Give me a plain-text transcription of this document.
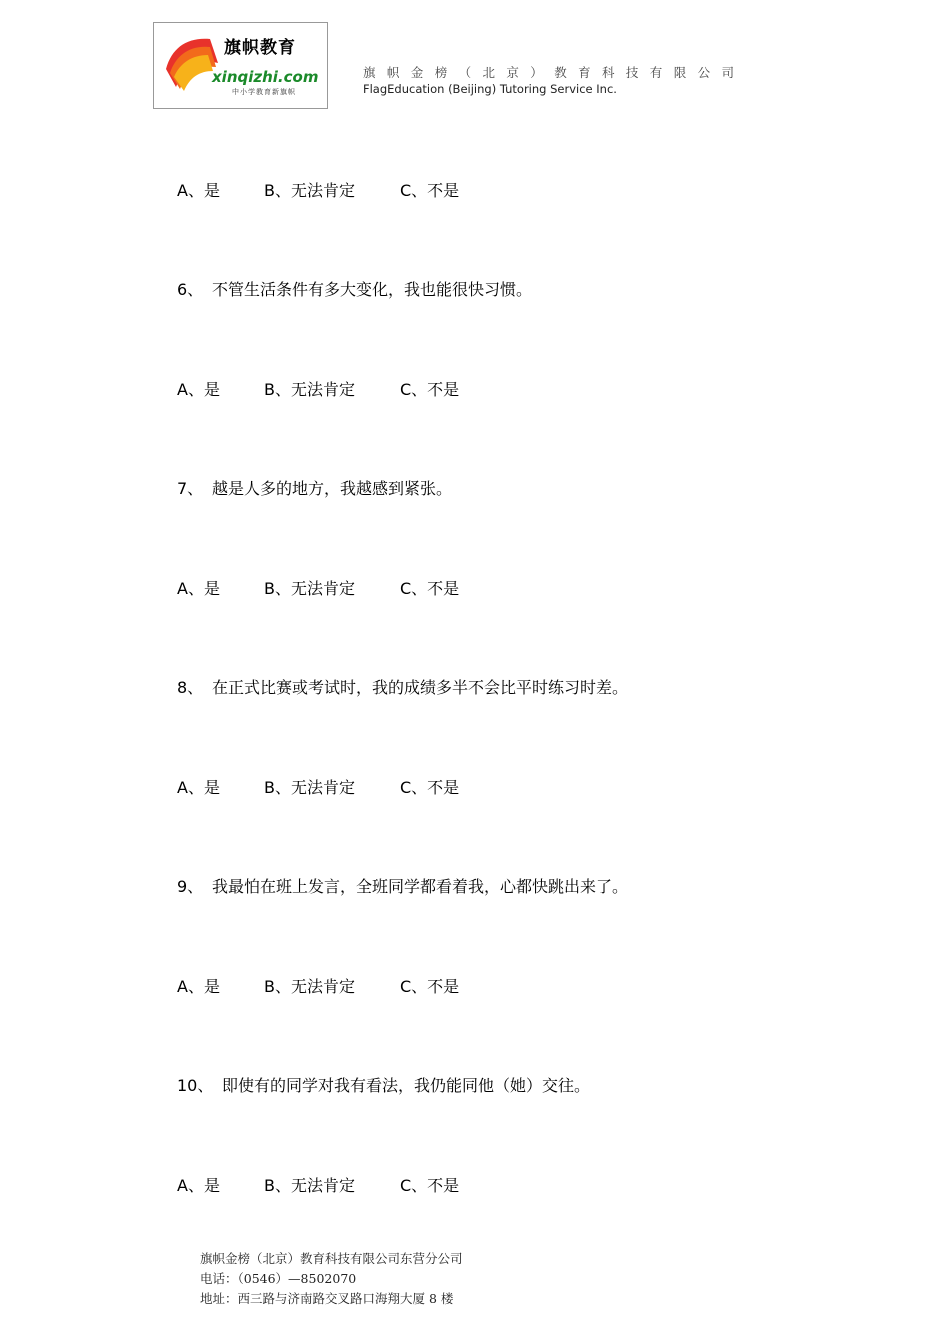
旗帜教育
xinqizhi.com
中小学教育新旗帜
旗帜金榜（北京）教育科技有限公司
FlagEducation (Beijing) Tutoring Service Inc.
A、是	B、无法肯定	C、不是
6、 不管生活条件有多大变化，我也能很快习惯。
A、是	B、无法肯定	C、不是
7、 越是人多的地方，我越感到紧张。
A、是	B、无法肯定	C、不是
8、 在正式比赛或考试时，我的成绩多半不会比平时练习时差。
A、是	B、无法肯定	C、不是
9、 我最怕在班上发言，全班同学都看着我，心都快跳出来了。
A、是	B、无法肯定	C、不是
10、 即使有的同学对我有看法，我仍能同他（她）交往。
A、是	B、无法肯定	C、不是
旗帜金榜（北京）教育科技有限公司东营分公司
电话：（0546）—8502070
地址：西三路与济南路交叉路口海翔大厦 8 楼
